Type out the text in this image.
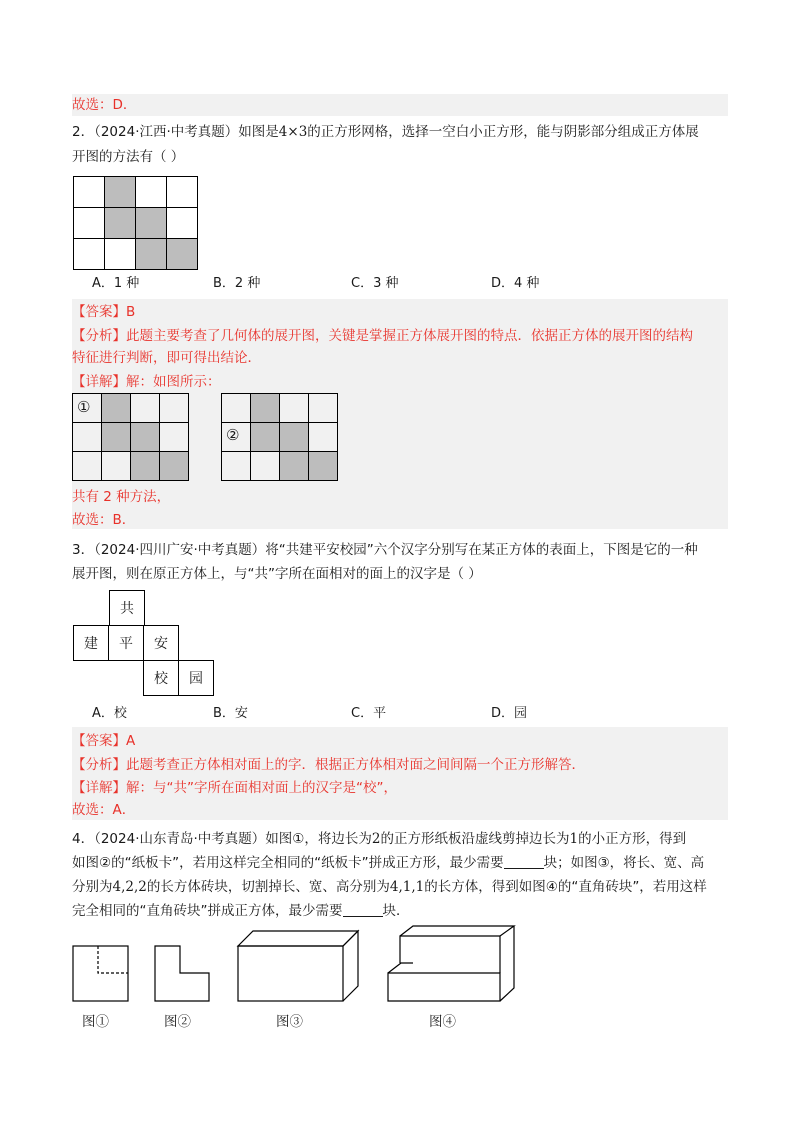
故选：D．
2．（2024·江西·中考真题）如图是4×3的正方形网格，选择一空白小正方形，能与阴影部分组成正方体展
开图的方法有（ ）

A．1 种	B．2 种	C．3 种	D．4 种
【答案】B
【分析】此题主要考查了几何体的展开图，关键是掌握正方体展开图的特点．依据正方体的展开图的结构
特征进行判断，即可得出结论．
【详解】解：如图所示：

①

②
共有 2 种方法，
故选：B．
3．（2024·四川广安·中考真题）将“共建平安校园”六个汉字分别写在某正方体的表面上，下图是它的一种
展开图，则在原正方体上，与“共”字所在面相对的面上的汉字是（ ）
共
建	平	安
校	园
A．校	B．安	C．平	D．园
【答案】A
【分析】此题考查正方体相对面上的字．根据正方体相对面之间间隔一个正方形解答．
【详解】解：与“共”字所在面相对面上的汉字是“校”，
故选：A．
4．（2024·山东青岛·中考真题）如图①，将边长为2的正方形纸板沿虚线剪掉边长为1的小正方形，得到
如图②的“纸板卡”，若用这样完全相同的“纸板卡”拼成正方形，最少需要	块；如图③，将长、宽、高
分别为4,2,2的长方体砖块，切割掉长、宽、高分别为4,1,1的长方体，得到如图④的“直角砖块”，若用这样
完全相同的“直角砖块”拼成正方体，最少需要	块．
图①	图②	图③	图④
